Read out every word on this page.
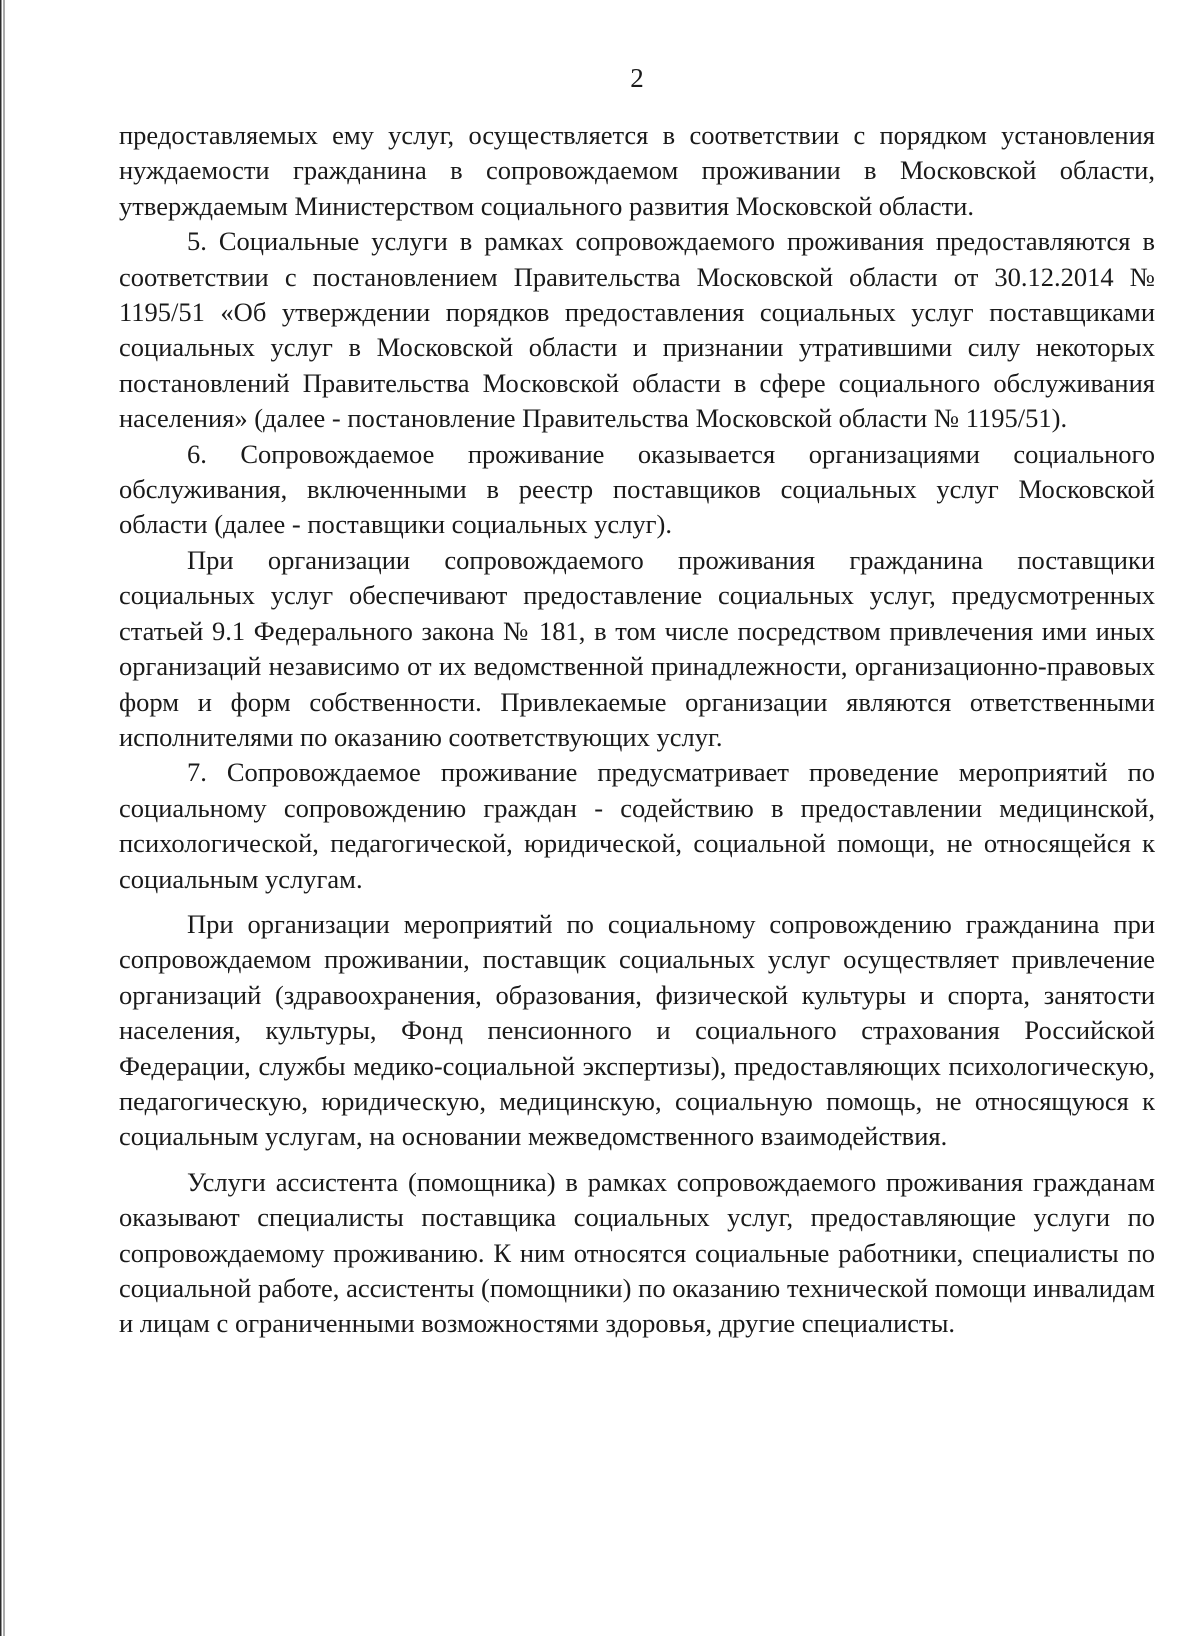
2

предоставляемых ему услуг, осуществляется в соответствии с порядком установления нуждаемости гражданина в сопровождаемом проживании в Московской области, утверждаемым Министерством социального развития Московской области.

5. Социальные услуги в рамках сопровождаемого проживания предоставляются в соответствии с постановлением Правительства Московской области от 30.12.2014 № 1195/51 «Об утверждении порядков предоставления социальных услуг поставщиками социальных услуг в Московской области и признании утратившими силу некоторых постановлений Правительства Московской области в сфере социального обслуживания населения» (далее - постановление Правительства Московской области № 1195/51).

6. Сопровождаемое проживание оказывается организациями социального обслуживания, включенными в реестр поставщиков социальных услуг Московской области (далее - поставщики социальных услуг).

При организации сопровождаемого проживания гражданина поставщики социальных услуг обеспечивают предоставление социальных услуг, предусмотренных статьей 9.1 Федерального закона № 181, в том числе посредством привлечения ими иных организаций независимо от их ведомственной принадлежности, организационно-правовых форм и форм собственности. Привлекаемые организации являются ответственными исполнителями по оказанию соответствующих услуг.

7. Сопровождаемое проживание предусматривает проведение мероприятий по социальному сопровождению граждан - содействию в предоставлении медицинской, психологической, педагогической, юридической, социальной помощи, не относящейся к социальным услугам.

При организации мероприятий по социальному сопровождению гражданина при сопровождаемом проживании, поставщик социальных услуг осуществляет привлечение организаций (здравоохранения, образования, физической культуры и спорта, занятости населения, культуры, Фонд пенсионного и социального страхования Российской Федерации, службы медико-социальной экспертизы), предоставляющих психологическую, педагогическую, юридическую, медицинскую, социальную помощь, не относящуюся к социальным услугам, на основании межведомственного взаимодействия.

Услуги ассистента (помощника) в рамках сопровождаемого проживания гражданам оказывают специалисты поставщика социальных услуг, предоставляющие услуги по сопровождаемому проживанию. К ним относятся социальные работники, специалисты по социальной работе, ассистенты (помощники) по оказанию технической помощи инвалидам и лицам с ограниченными возможностями здоровья, другие специалисты.
